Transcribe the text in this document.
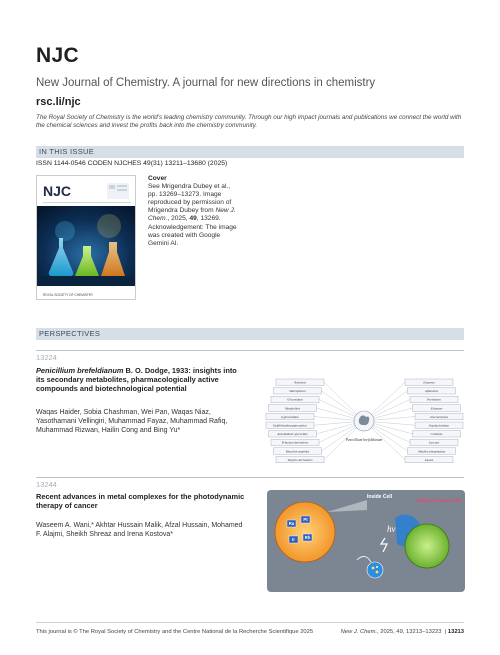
NJC
New Journal of Chemistry. A journal for new directions in chemistry
rsc.li/njc
The Royal Society of Chemistry is the world's leading chemistry community. Through our high impact journals and publications we connect the world with the chemical sciences and invest the profits back into the chemistry community.
IN THIS ISSUE
ISSN 1144-0546 CODEN NJCHES 49(31) 13211–13680 (2025)
NJC
ROYAL SOCIETY OF CHEMISTRY
Cover
See Mrigendra Dubey et al., pp. 13269–13273. Image reproduced by permission of Mrigendra Dubey from New J. Chem., 2025, 49, 13269.
Acknowledgement: The image was created with Google Gemini AI.
PERSPECTIVES
13224
Penicillium brefeldianum B. O. Dodge, 1933: insights into its secondary metabolites, pharmacologically active compounds and biotechnological potential
Waqas Haider, Sobia Chashman, Wei Pan, Waqas Niaz, Yasothamani Vellingiri, Muhammad Fayaz, Muhammad Rafiq, Muhammad Rizwan, Hailin Cong and Bing Yu*
Nutrients
Siderophores
Glucosidase
Metabolites
β-glucosidase
Epidithiodioxopiperazines
Anti-diabetic glycerides
B-lactam derivatives
Bioactive peptides
Terpene derivatives
Enzymes
Aflatoxins
Pectinases
Xylanase
Glucoamylase
β-galactosidase
Cellulase
Laccase
Alkaline phosphatase
Lipase
Penicillium brefeldianum
13244
Recent advances in metal complexes for the photodynamic therapy of cancer
Waseem A. Wani,* Akhtar Hussain Malik, Afzal Hussain, Mohamed F. Alajmi, Sheikh Shreaz and Irena Kostova*
Ru
Pt
Ir Rh
Inside Cell
hν
Killing of Tumor Cell
This journal is © The Royal Society of Chemistry and the Centre National de la Recherche Scientifique 2025	New J. Chem., 2025, 49, 13213–13223  | 13213
